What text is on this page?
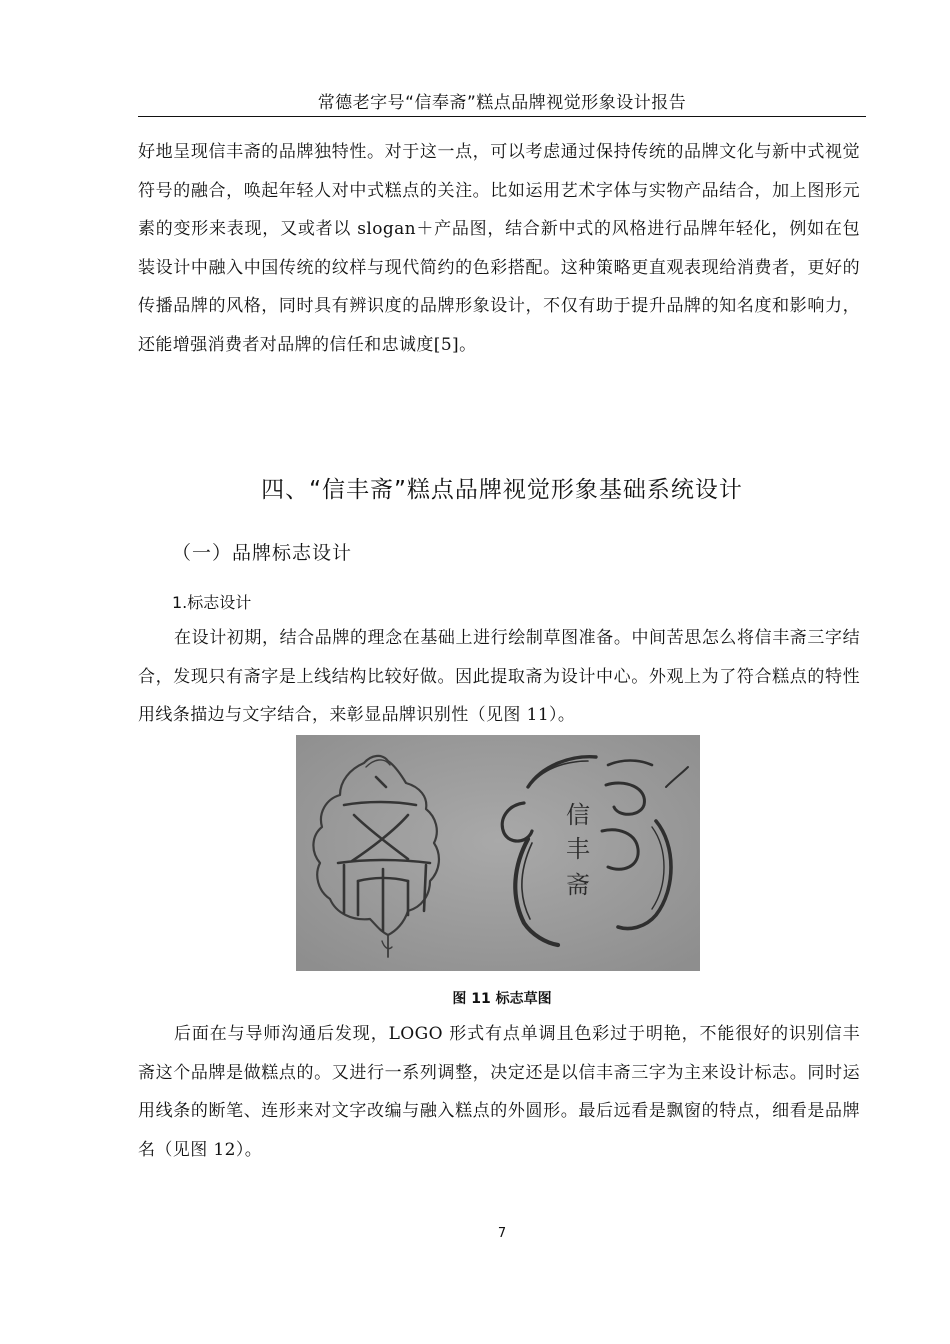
常德老字号“信奉斋”糕点品牌视觉形象设计报告

好地呈现信丰斋的品牌独特性。对于这一点，可以考虑通过保持传统的品牌文化与新中式视觉符号的融合，唤起年轻人对中式糕点的关注。比如运用艺术字体与实物产品结合，加上图形元素的变形来表现，又或者以 slogan＋产品图，结合新中式的风格进行品牌年轻化，例如在包装设计中融入中国传统的纹样与现代简约的色彩搭配。这种策略更直观表现给消费者，更好的传播品牌的风格，同时具有辨识度的品牌形象设计，不仅有助于提升品牌的知名度和影响力，还能增强消费者对品牌的信任和忠诚度[5]。

四、“信丰斋”糕点品牌视觉形象基础系统设计
（一）品牌标志设计
1.标志设计

在设计初期，结合品牌的理念在基础上进行绘制草图准备。中间苦思怎么将信丰斋三字结合，发现只有斋字是上线结构比较好做。因此提取斋为设计中心。外观上为了符合糕点的特性用线条描边与文字结合，来彰显品牌识别性（见图 11）。

信
丰
斋
图 11 标志草图

后面在与导师沟通后发现，LOGO 形式有点单调且色彩过于明艳，不能很好的识别信丰斋这个品牌是做糕点的。又进行一系列调整，决定还是以信丰斋三字为主来设计标志。同时运用线条的断笔、连形来对文字改编与融入糕点的外圆形。最后远看是飘窗的特点，细看是品牌名（见图 12）。

7
